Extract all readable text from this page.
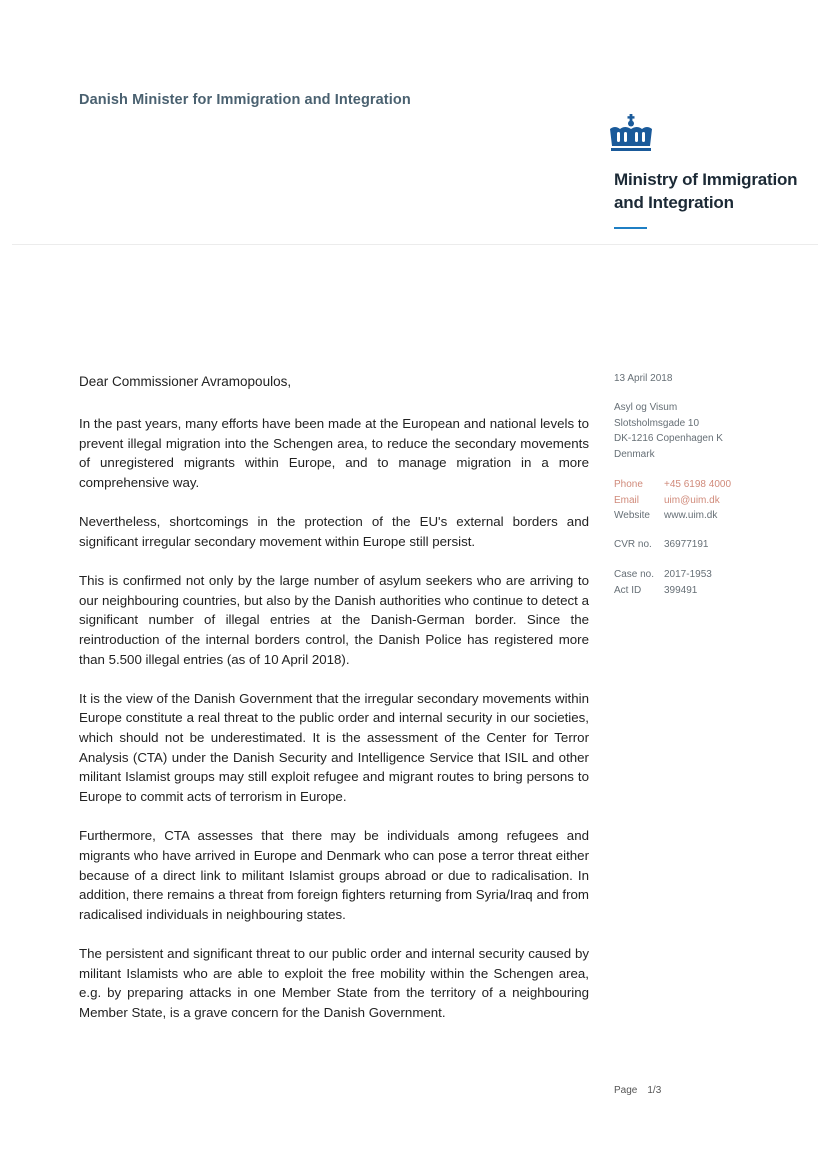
Danish Minister for Immigration and Integration
Ministry of Immigration
and Integration
Dear Commissioner Avramopoulos,

In the past years, many efforts have been made at the European and national levels to prevent illegal migration into the Schengen area, to reduce the secondary movements of unregistered migrants within Europe, and to manage migration in a more comprehensive way.

Nevertheless, shortcomings in the protection of the EU's external borders and significant irregular secondary movement within Europe still persist.

This is confirmed not only by the large number of asylum seekers who are arriving to our neighbouring countries, but also by the Danish authorities who continue to detect a significant number of illegal entries at the Danish-German border. Since the reintroduction of the internal borders control, the Danish Police has registered more than 5.500 illegal entries (as of 10 April 2018).

It is the view of the Danish Government that the irregular secondary movements within Europe constitute a real threat to the public order and internal security in our societies, which should not be underestimated. It is the assessment of the Center for Terror Analysis (CTA) under the Danish Security and Intelligence Service that ISIL and other militant Islamist groups may still exploit refugee and migrant routes to bring persons to Europe to commit acts of terrorism in Europe.

Furthermore, CTA assesses that there may be individuals among refugees and migrants who have arrived in Europe and Denmark who can pose a terror threat either because of a direct link to militant Islamist groups abroad or due to radicalisation. In addition, there remains a threat from foreign fighters returning from Syria/Iraq and from radicalised individuals in neighbouring states.

The persistent and significant threat to our public order and internal security caused by militant Islamists who are able to exploit the free mobility within the Schengen area, e.g. by preparing attacks in one Member State from the territory of a neighbouring Member State, is a grave concern for the Danish Government.

13 April 2018
Asyl og Visum
Slotsholmsgade 10
DK-1216 Copenhagen K
Denmark
Phone	+45 6198 4000
Email	uim@uim.dk
Website	www.uim.dk
CVR no.	36977191
Case no. 2017-1953
Act ID	399491
Page 1/3
